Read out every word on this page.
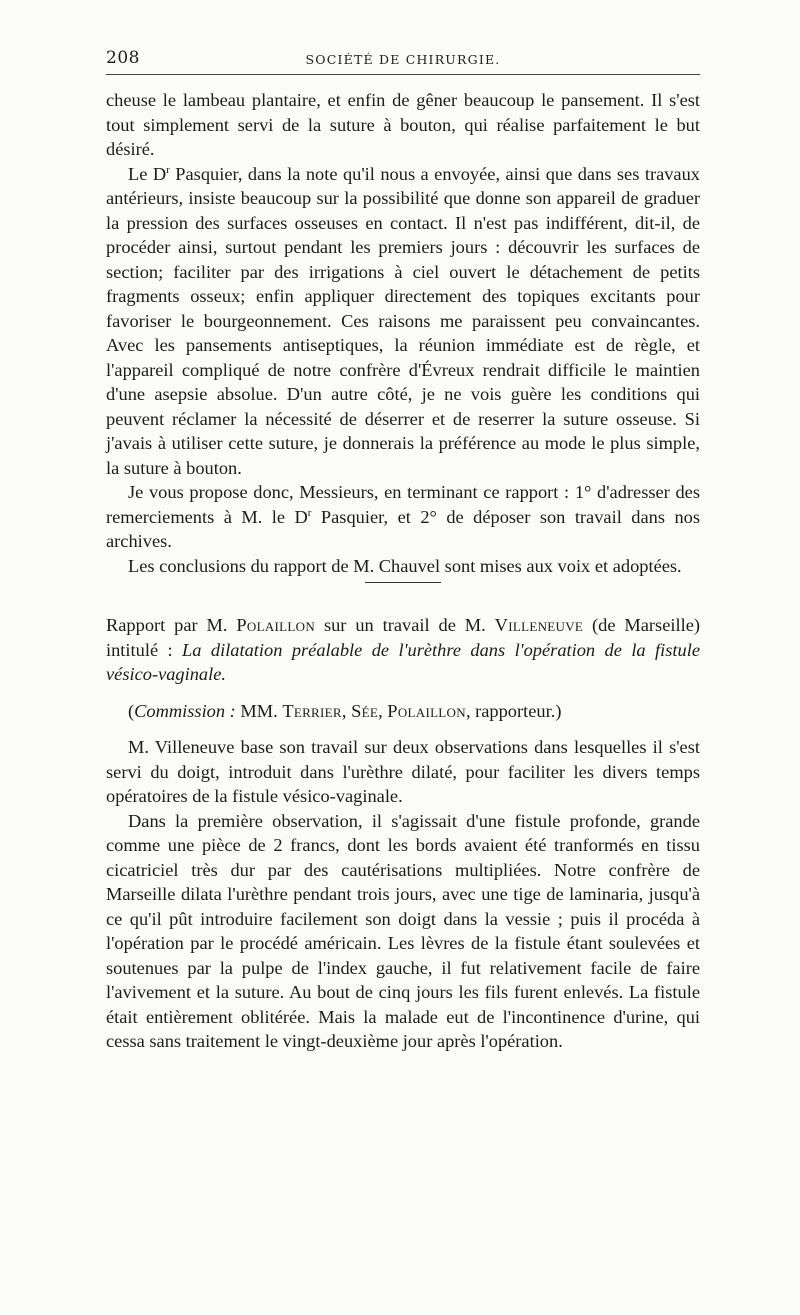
208	SOCIÉTÉ DE CHIRURGIE.

cheuse le lambeau plantaire, et enfin de gêner beaucoup le pansement. Il s'est tout simplement servi de la suture à bouton, qui réalise parfaitement le but désiré.

Le $D^r$ Pasquier, dans la note qu'il nous a envoyée, ainsi que dans ses travaux antérieurs, insiste beaucoup sur la possibilité que donne son appareil de graduer la pression des surfaces osseuses en contact. Il n'est pas indifférent, dit-il, de procéder ainsi, surtout pendant les premiers jours : découvrir les surfaces de section; faciliter par des irrigations à ciel ouvert le détachement de petits fragments osseux; enfin appliquer directement des topiques excitants pour favoriser le bourgeonnement. Ces raisons me paraissent peu convaincantes. Avec les pansements antiseptiques, la réunion immédiate est de règle, et l'appareil compliqué de notre confrère d'Évreux rendrait difficile le maintien d'une asepsie absolue. D'un autre côté, je ne vois guère les conditions qui peuvent réclamer la nécessité de déserrer et de reserrer la suture osseuse. Si j'avais à utiliser cette suture, je donnerais la préférence au mode le plus simple, la suture à bouton.

Je vous propose donc, Messieurs, en terminant ce rapport : 1° d'adresser des remerciements à M. le $D^r$ Pasquier, et 2° de déposer son travail dans nos archives.

Les conclusions du rapport de M. Chauvel sont mises aux voix et adoptées.

Rapport par M. Polaillon sur un travail de M. Villeneuve (de Marseille) intitulé : La dilatation préalable de l'urèthre dans l'opération de la fistule vésico-vaginale.

(Commission : MM. Terrier, Sée, Polaillon, rapporteur.)

M. Villeneuve base son travail sur deux observations dans lesquelles il s'est servi du doigt, introduit dans l'urèthre dilaté, pour faciliter les divers temps opératoires de la fistule vésico-vaginale.

Dans la première observation, il s'agissait d'une fistule profonde, grande comme une pièce de 2 francs, dont les bords avaient été tranformés en tissu cicatriciel très dur par des cautérisations multipliées. Notre confrère de Marseille dilata l'urèthre pendant trois jours, avec une tige de laminaria, jusqu'à ce qu'il pût introduire facilement son doigt dans la vessie ; puis il procéda à l'opération par le procédé américain. Les lèvres de la fistule étant soulevées et soutenues par la pulpe de l'index gauche, il fut relativement facile de faire l'avivement et la suture. Au bout de cinq jours les fils furent enlevés. La fistule était entièrement oblitérée. Mais la malade eut de l'incontinence d'urine, qui cessa sans traitement le vingt-deuxième jour après l'opération.
